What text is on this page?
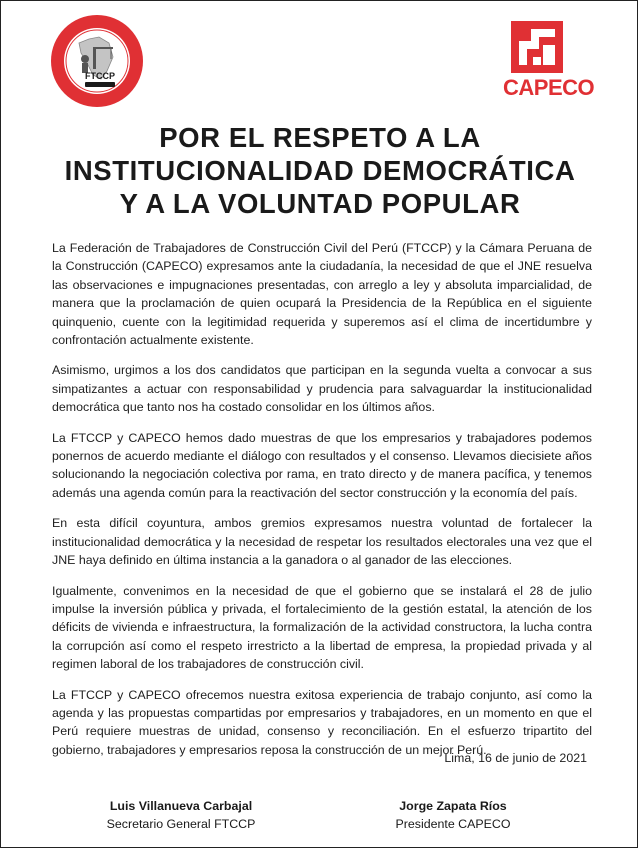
FTCCP	CAPECO
POR EL RESPETO A LA
INSTITUCIONALIDAD DEMOCRÁTICA
Y A LA VOLUNTAD POPULAR

La Federación de Trabajadores de Construcción Civil del Perú (FTCCP) y la Cámara Peruana de la Construcción (CAPECO) expresamos ante la ciudadanía, la necesidad de que el JNE resuelva las observaciones e impugnaciones presentadas, con arreglo a ley y absoluta imparcialidad, de manera que la proclamación de quien ocupará la Presidencia de la República en el siguiente quinquenio, cuente con la legitimidad requerida y superemos así el clima de incertidumbre y confrontación actualmente existente.

Asimismo, urgimos a los dos candidatos que participan en la segunda vuelta a convocar a sus simpatizantes a actuar con responsabilidad y prudencia para salvaguardar la institucionalidad democrática que tanto nos ha costado consolidar en los últimos años.

La FTCCP y CAPECO hemos dado muestras de que los empresarios y trabajadores podemos ponernos de acuerdo mediante el diálogo con resultados y el consenso. Llevamos diecisiete años solucionando la negociación colectiva por rama, en trato directo y de manera pacífica, y tenemos además una agenda común para la reactivación del sector construcción y la economía del país.

En esta difícil coyuntura, ambos gremios expresamos nuestra voluntad de fortalecer la institucionalidad democrática y la necesidad de respetar los resultados electorales una vez que el JNE haya definido en última instancia a la ganadora o al ganador de las elecciones.

Igualmente, convenimos en la necesidad de que el gobierno que se instalará el 28 de julio impulse la inversión pública y privada, el fortalecimiento de la gestión estatal, la atención de los déficits de vivienda e infraestructura, la formalización de la actividad constructora, la lucha contra la corrupción así como el respeto irrestricto a la libertad de empresa, la propiedad privada y al regimen laboral de los trabajadores de construcción civil.

La FTCCP y CAPECO ofrecemos nuestra exitosa experiencia de trabajo conjunto, así como la agenda y las propuestas compartidas por empresarios y trabajadores, en un momento en que el Perú requiere muestras de unidad, consenso y reconciliación. En el esfuerzo tripartito del gobierno, trabajadores y empresarios reposa la construcción de un mejor Perú.

Lima, 16 de junio de 2021
Luis Villanueva Carbajal
Secretario General FTCCP
Jorge Zapata Ríos
Presidente CAPECO
